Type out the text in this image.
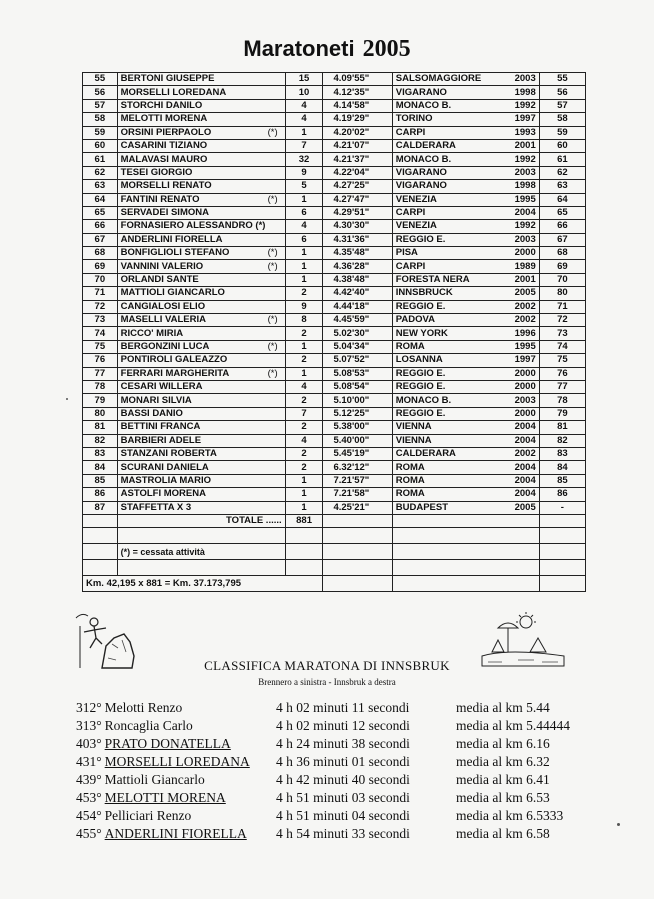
Maratoneti 2005
55	BERTONI GIUSEPPE	15	4.09'55"	SALSOMAGGIORE 2003	55
56	MORSELLI LOREDANA	10	4.12'35"	VIGARANO 1998	56
57	STORCHI DANILO	4	4.14'58"	MONACO B. 1992	57
58	MELOTTI MORENA	4	4.19'29"	TORINO 1997	58
59	ORSINI PIERPAOLO (*)	1	4.20'02"	CARPI 1993	59
60	CASARINI TIZIANO	7	4.21'07"	CALDERARA 2001	60
61	MALAVASI MAURO	32	4.21'37"	MONACO B. 1992	61
62	TESEI GIORGIO	9	4.22'04"	VIGARANO 2003	62
63	MORSELLI RENATO	5	4.27'25"	VIGARANO 1998	63
64	FANTINI RENATO (*)	1	4.27'47"	VENEZIA 1995	64
65	SERVADEI SIMONA	6	4.29'51"	CARPI 2004	65
66	FORNASIERO ALESSANDRO (*)	4	4.30'30"	VENEZIA 1992	66
67	ANDERLINI FIORELLA	6	4.31'36"	REGGIO E. 2003	67
68	BONFIGLIOLI STEFANO (*)	1	4.35'48"	PISA 2000	68
69	VANNINI VALERIO (*)	1	4.36'28"	CARPI 1989	69
70	ORLANDI SANTE	1	4.38'48"	FORESTA NERA 2001	70
71	MATTIOLI GIANCARLO	2	4.42'40"	INNSBRUCK 2005	80
72	CANGIALOSI ELIO	9	4.44'18"	REGGIO E. 2002	71
73	MASELLI VALERIA (*)	8	4.45'59"	PADOVA 2002	72
74	RICCO' MIRIA	2	5.02'30"	NEW YORK 1996	73
75	BERGONZINI LUCA (*)	1	5.04'34"	ROMA 1995	74
76	PONTIROLI GALEAZZO	2	5.07'52"	LOSANNA 1997	75
77	FERRARI MARGHERITA (*)	1	5.08'53"	REGGIO E. 2000	76
78	CESARI WILLERA	4	5.08'54"	REGGIO E. 2000	77
79	MONARI SILVIA	2	5.10'00"	MONACO B. 2003	78
80	BASSI DANIO	7	5.12'25"	REGGIO E. 2000	79
81	BETTINI FRANCA	2	5.38'00"	VIENNA 2004	81
82	BARBIERI ADELE	4	5.40'00"	VIENNA 2004	82
83	STANZANI ROBERTA	2	5.45'19"	CALDERARA 2002	83
84	SCURANI DANIELA	2	6.32'12"	ROMA 2004	84
85	MASTROLIA MARIO	1	7.21'57"	ROMA 2004	85
86	ASTOLFI MORENA	1	7.21'58"	ROMA 2004	86
87	STAFFETTA X 3	1	4.25'21"	BUDAPEST 2005	-
	TOTALE ......	881			

	(*) = cessata attività				

Km. 42,195 x 881 = Km. 37.173,795					
CLASSIFICA MARATONA DI INNSBRUK
Brennero a sinistra - Innsbruk a destra
312° Melotti Renzo	4 h 02 minuti 11 secondi	media al km 5.44
313° Roncaglia Carlo	4 h 02 minuti 12 secondi	media al km 5.44444
403° PRATO DONATELLA	4 h 24 minuti 38 secondi	media al km 6.16
431° MORSELLI LOREDANA 4 h 36 minuti 01 secondi	media al km 6.32
439° Mattioli Giancarlo	4 h 42 minuti 40 secondi	media al km 6.41
453° MELOTTI MORENA	4 h 51 minuti 03 secondi	media al km 6.53
454° Pelliciari Renzo	4 h 51 minuti 04 secondi	media al km 6.5333
455° ANDERLINI FIORELLA 4 h 54 minuti 33 secondi	media al km 6.58
